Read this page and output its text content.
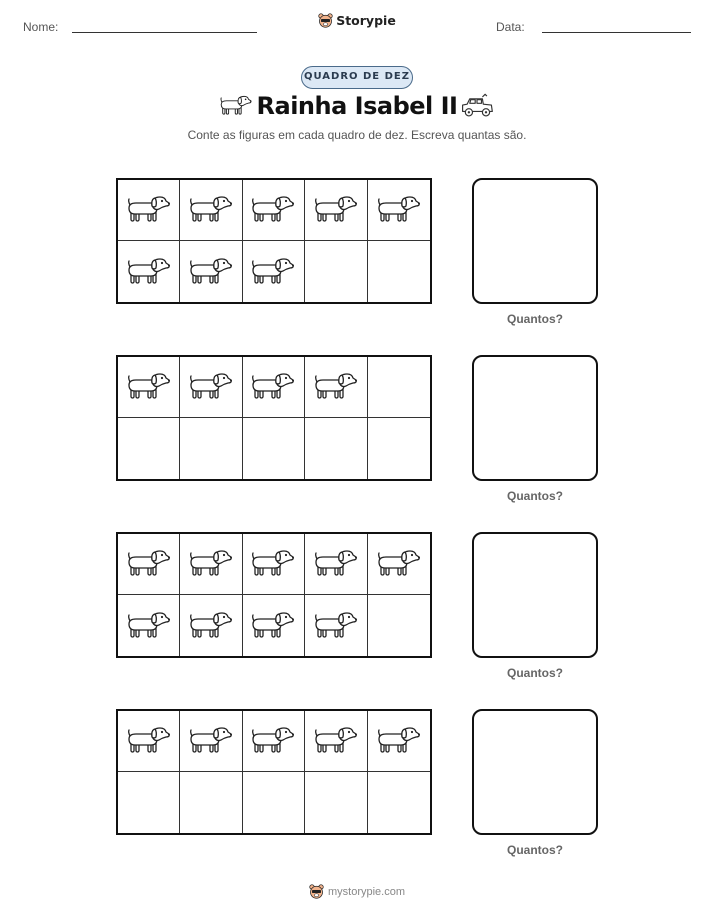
Nome:	Storypie	Data:
QUADRO DE DEZ
Rainha Isabel II
Conte as figuras em cada quadro de dez. Escreva quantas são.
Quantos?
Quantos?
Quantos?
Quantos?
mystorypie.com
